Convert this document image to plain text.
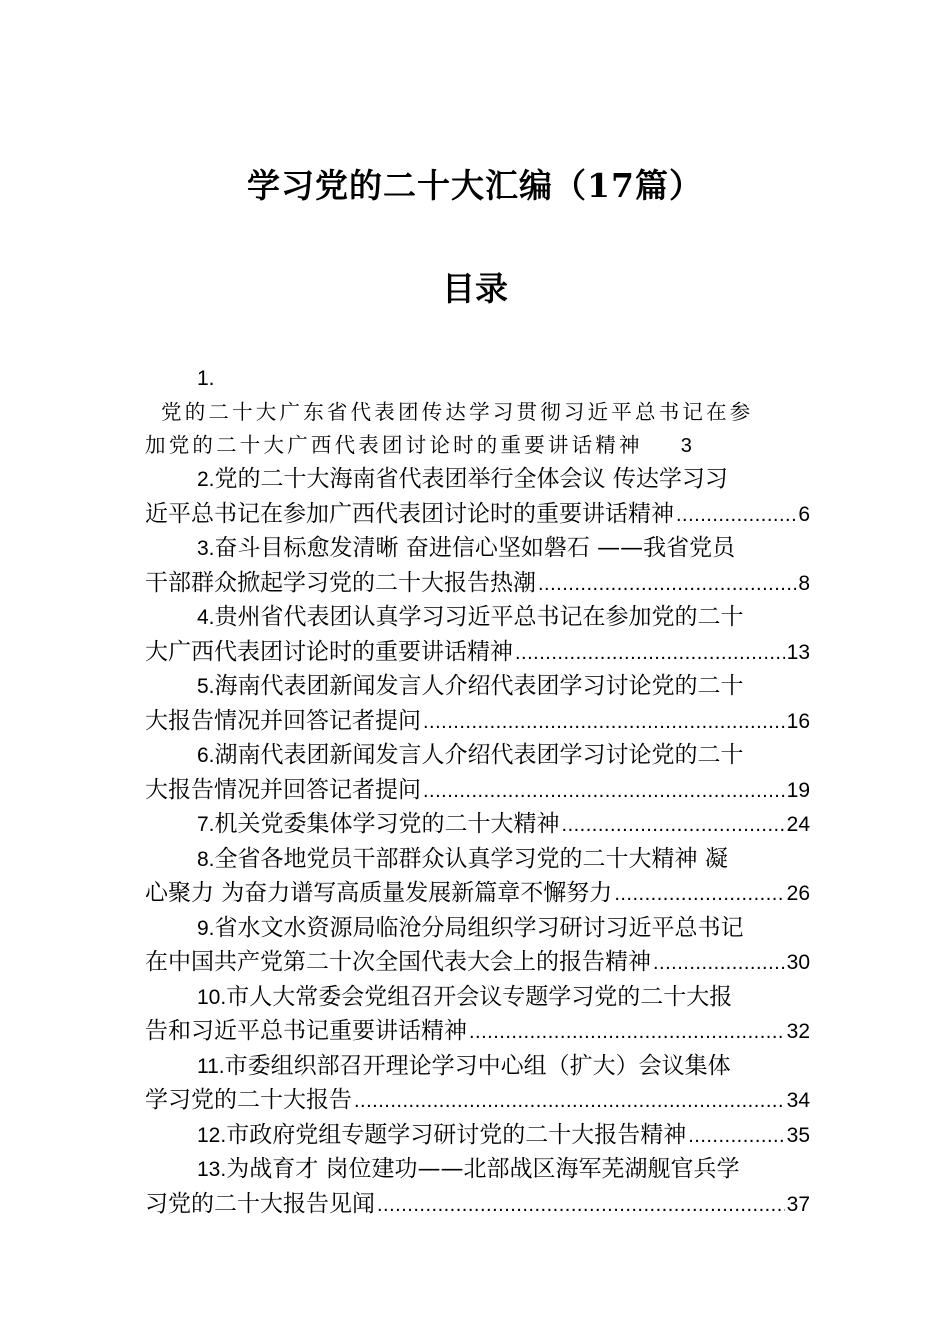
学习党的二十大汇编（17篇）
目录
1.
党的二十大广东省代表团传达学习贯彻习近平总书记在参
加党的二十大广西代表团讨论时的重要讲话精神 3
2.党的二十大海南省代表团举行全体会议 传达学习习
近平总书记在参加广西代表团讨论时的重要讲话精神 .....	6
3.奋斗目标愈发清晰 奋进信心坚如磐石 ——我省党员
干部群众掀起学习党的二十大报告热潮 .....	8
4.贵州省代表团认真学习习近平总书记在参加党的二十
大广西代表团讨论时的重要讲话精神 .....	13
5.海南代表团新闻发言人介绍代表团学习讨论党的二十
大报告情况并回答记者提问 .....	16
6.湖南代表团新闻发言人介绍代表团学习讨论党的二十
大报告情况并回答记者提问 .....	19
7. 机关党委集体学习党的二十大精神 .....	24
8.全省各地党员干部群众认真学习党的二十大精神 凝
心聚力 为奋力谱写高质量发展新篇章不懈努力 .....	26
9.省水文水资源局临沧分局组织学习研讨习近平总书记
在中国共产党第二十次全国代表大会上的报告精神 .....	30
10.市人大常委会党组召开会议专题学习党的二十大报
告和习近平总书记重要讲话精神 .....	32
11.市委组织部召开理论学习中心组（扩大）会议集体
学习党的二十大报告 .....	34
12. 市政府党组专题学习研讨党的二十大报告精神 .....	35
13.为战育才 岗位建功——北部战区海军芜湖舰官兵学
习党的二十大报告见闻 .....	37
